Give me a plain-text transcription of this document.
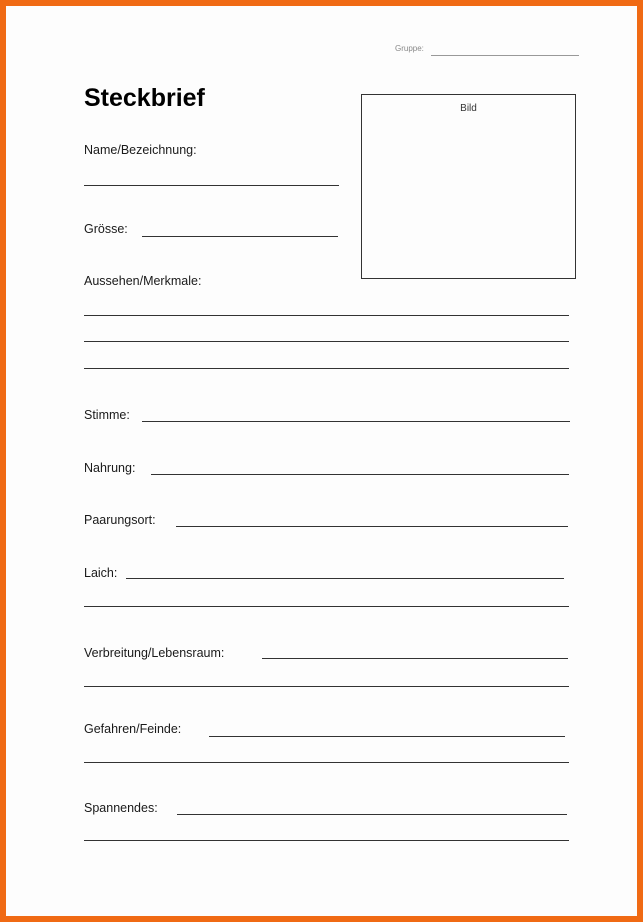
Gruppe:
Steckbrief	Bild
Name/Bezeichnung:
Grösse:
Aussehen/Merkmale:
Stimme:
Nahrung:
Paarungsort:
Laich:
Verbreitung/Lebensraum:
Gefahren/Feinde:
Spannendes:
